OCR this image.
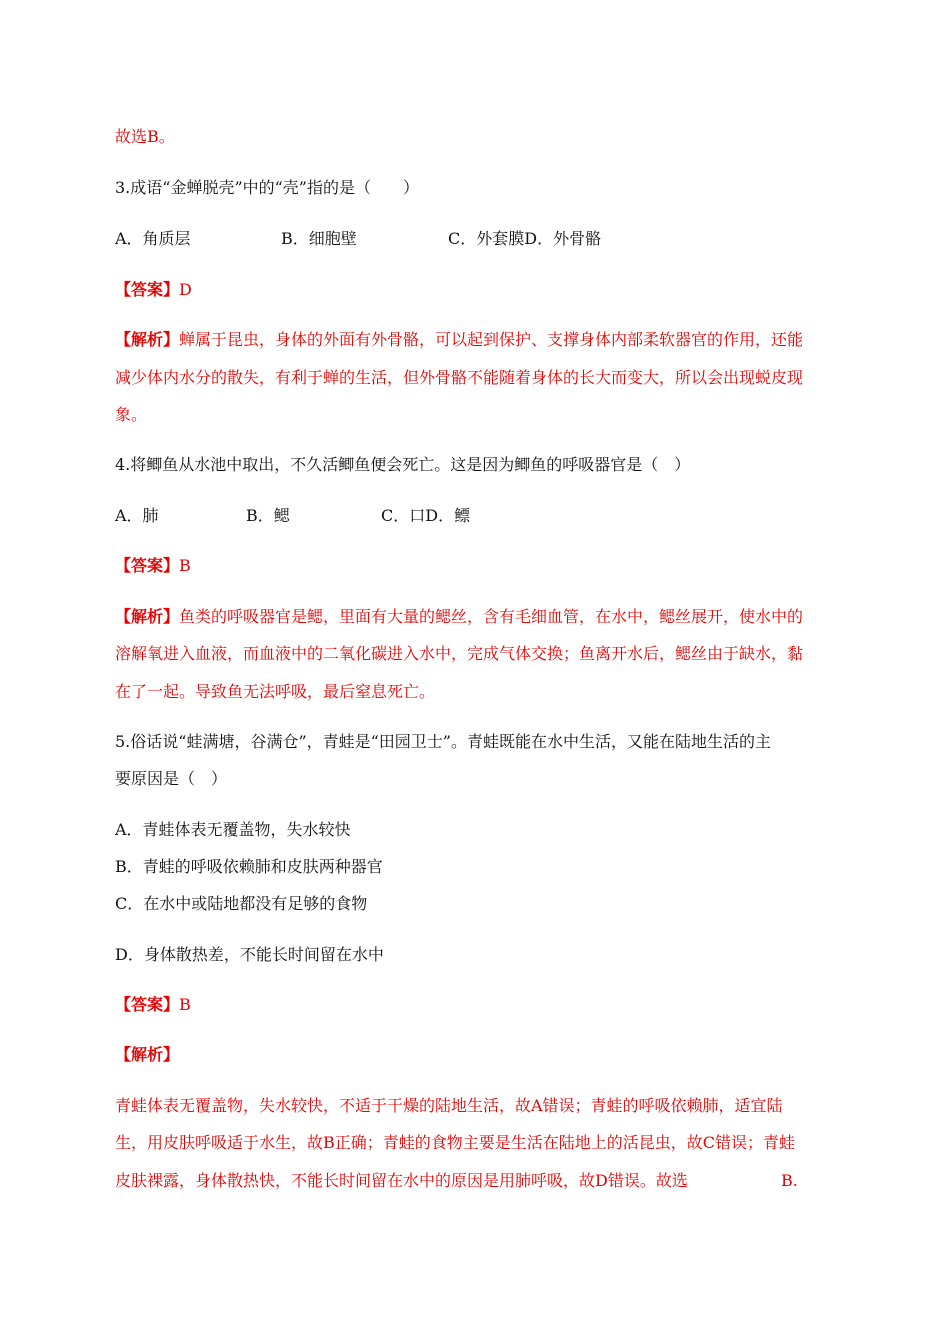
故选B。
3.成语“金蝉脱壳”中的“壳”指的是（　　）
A．角质层	B．细胞壁	C．外套膜D．外骨骼
【答案】D
【解析】蝉属于昆虫，身体的外面有外骨骼，可以起到保护、支撑身体内部柔软器官的作用，还能
减少体内水分的散失，有利于蝉的生活，但外骨骼不能随着身体的长大而变大，所以会出现蜕皮现
象。
4.将鲫鱼从水池中取出，不久活鲫鱼便会死亡。这是因为鲫鱼的呼吸器官是（　）
A．肺	B．鳃	C．口D．鳔
【答案】B
【解析】鱼类的呼吸器官是鳃，里面有大量的鳃丝，含有毛细血管，在水中，鳃丝展开，使水中的
溶解氧进入血液，而血液中的二氧化碳进入水中，完成气体交换；鱼离开水后，鳃丝由于缺水，黏
在了一起。导致鱼无法呼吸，最后窒息死亡。
5.俗话说“蛙满塘，谷满仓”，青蛙是“田园卫士”。青蛙既能在水中生活，又能在陆地生活的主
要原因是（　）
A．青蛙体表无覆盖物，失水较快
B．青蛙的呼吸依赖肺和皮肤两种器官
C．在水中或陆地都没有足够的食物
D．身体散热差，不能长时间留在水中
【答案】B
【解析】
青蛙体表无覆盖物，失水较快，不适于干燥的陆地生活，故A错误；青蛙的呼吸依赖肺，适宜陆
生，用皮肤呼吸适于水生，故B正确；青蛙的食物主要是生活在陆地上的活昆虫，故C错误；青蛙
皮肤裸露，身体散热快，不能长时间留在水中的原因是用肺呼吸，故D错误。故选	B.
